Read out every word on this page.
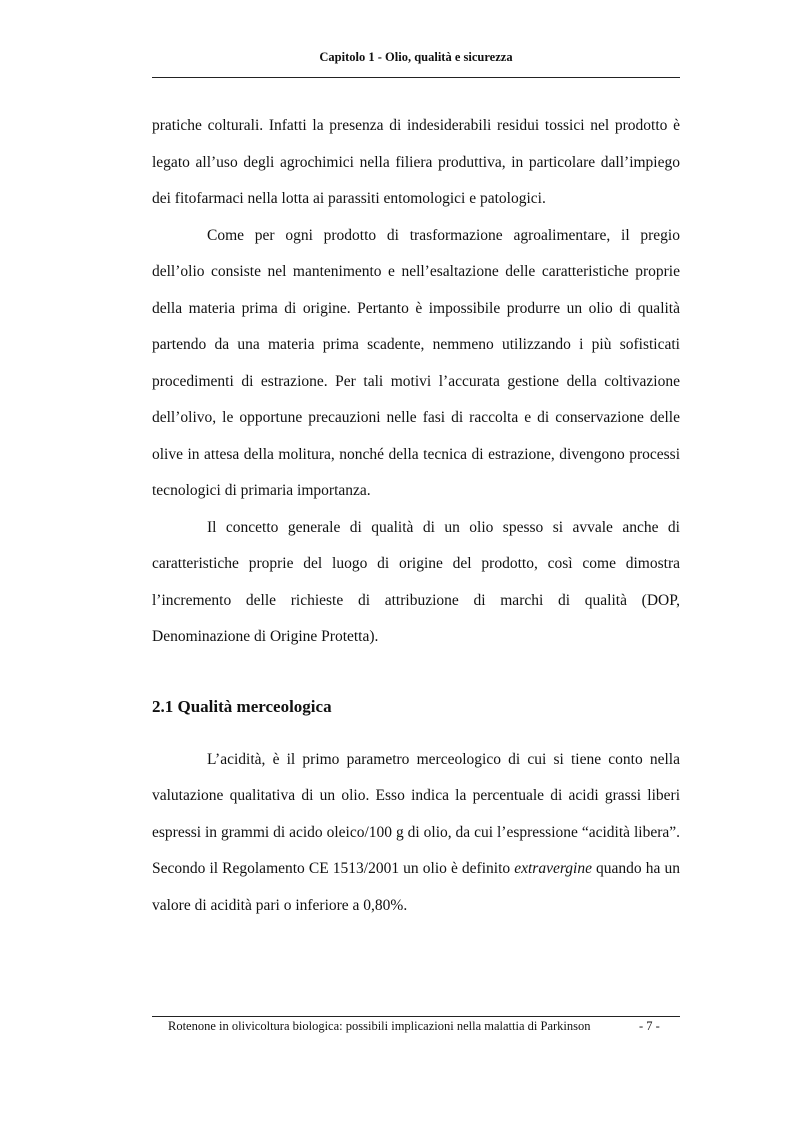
Capitolo 1 - Olio, qualità e sicurezza

pratiche colturali. Infatti la presenza di indesiderabili residui tossici nel prodotto è legato all’uso degli agrochimici nella filiera produttiva, in particolare dall’impiego dei fitofarmaci nella lotta ai parassiti entomologici e patologici.

Come per ogni prodotto di trasformazione agroalimentare, il pregio dell’olio consiste nel mantenimento e nell’esaltazione delle caratteristiche proprie della materia prima di origine. Pertanto è impossibile produrre un olio di qualità partendo da una materia prima scadente, nemmeno utilizzando i più sofisticati procedimenti di estrazione. Per tali motivi l’accurata gestione della coltivazione dell’olivo, le opportune precauzioni nelle fasi di raccolta e di conservazione delle olive in attesa della molitura, nonché della tecnica di estrazione, divengono processi tecnologici di primaria importanza.

Il concetto generale di qualità di un olio spesso si avvale anche di caratteristiche proprie del luogo di origine del prodotto, così come dimostra l’incremento delle richieste di attribuzione di marchi di qualità (DOP, Denominazione di Origine Protetta).

2.1 Qualità merceologica

L’acidità, è il primo parametro merceologico di cui si tiene conto nella valutazione qualitativa di un olio. Esso indica la percentuale di acidi grassi liberi espressi in grammi di acido oleico/100 g di olio, da cui l’espressione “acidità libera”. Secondo il Regolamento CE 1513/2001 un olio è definito extravergine quando ha un valore di acidità pari o inferiore a 0,80%.

Rotenone in olivicoltura biologica: possibili implicazioni nella malattia di Parkinson	- 7 -
